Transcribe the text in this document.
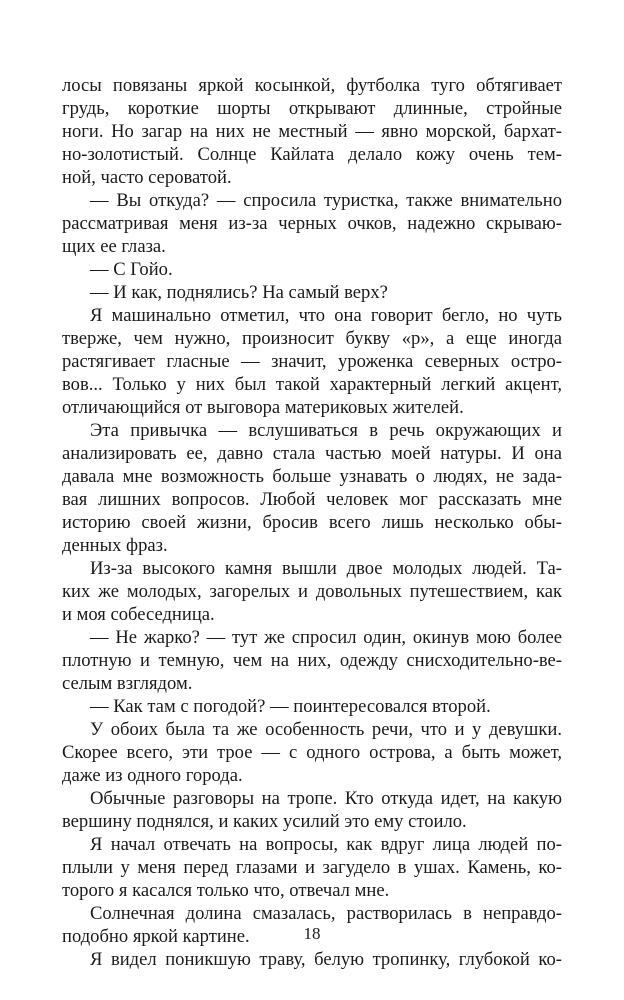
лосы повязаны яркой косынкой, футболка туго обтягивает
грудь, короткие шорты открывают длинные, стройные
ноги. Но загар на них не местный — явно морской, бархат-
но-золотистый. Солнце Кайлата делало кожу очень тем-
ной, часто сероватой.
— Вы откуда? — спросила туристка, также внимательно
рассматривая меня из-за черных очков, надежно скрываю-
щих ее глаза.
— С Гойо.
— И как, поднялись? На самый верх?
Я машинально отметил, что она говорит бегло, но чуть
тверже, чем нужно, произносит букву «р», а еще иногда
растягивает гласные — значит, уроженка северных остро-
вов... Только у них был такой характерный легкий акцент,
отличающийся от выговора материковых жителей.
Эта привычка — вслушиваться в речь окружающих и
анализировать ее, давно стала частью моей натуры. И она
давала мне возможность больше узнавать о людях, не зада-
вая лишних вопросов. Любой человек мог рассказать мне
историю своей жизни, бросив всего лишь несколько обы-
денных фраз.
Из-за высокого камня вышли двое молодых людей. Та-
ких же молодых, загорелых и довольных путешествием, как
и моя собеседница.
— Не жарко? — тут же спросил один, окинув мою более
плотную и темную, чем на них, одежду снисходительно-ве-
селым взглядом.
— Как там с погодой? — поинтересовался второй.
У обоих была та же особенность речи, что и у девушки.
Скорее всего, эти трое — с одного острова, а быть может,
даже из одного города.
Обычные разговоры на тропе. Кто откуда идет, на какую
вершину поднялся, и каких усилий это ему стоило.
Я начал отвечать на вопросы, как вдруг лица людей по-
плыли у меня перед глазами и загудело в ушах. Камень, ко-
торого я касался только что, отвечал мне.
Солнечная долина смазалась, растворилась в неправдо-
подобно яркой картине.
Я видел поникшую траву, белую тропинку, глубокой ко-
18
